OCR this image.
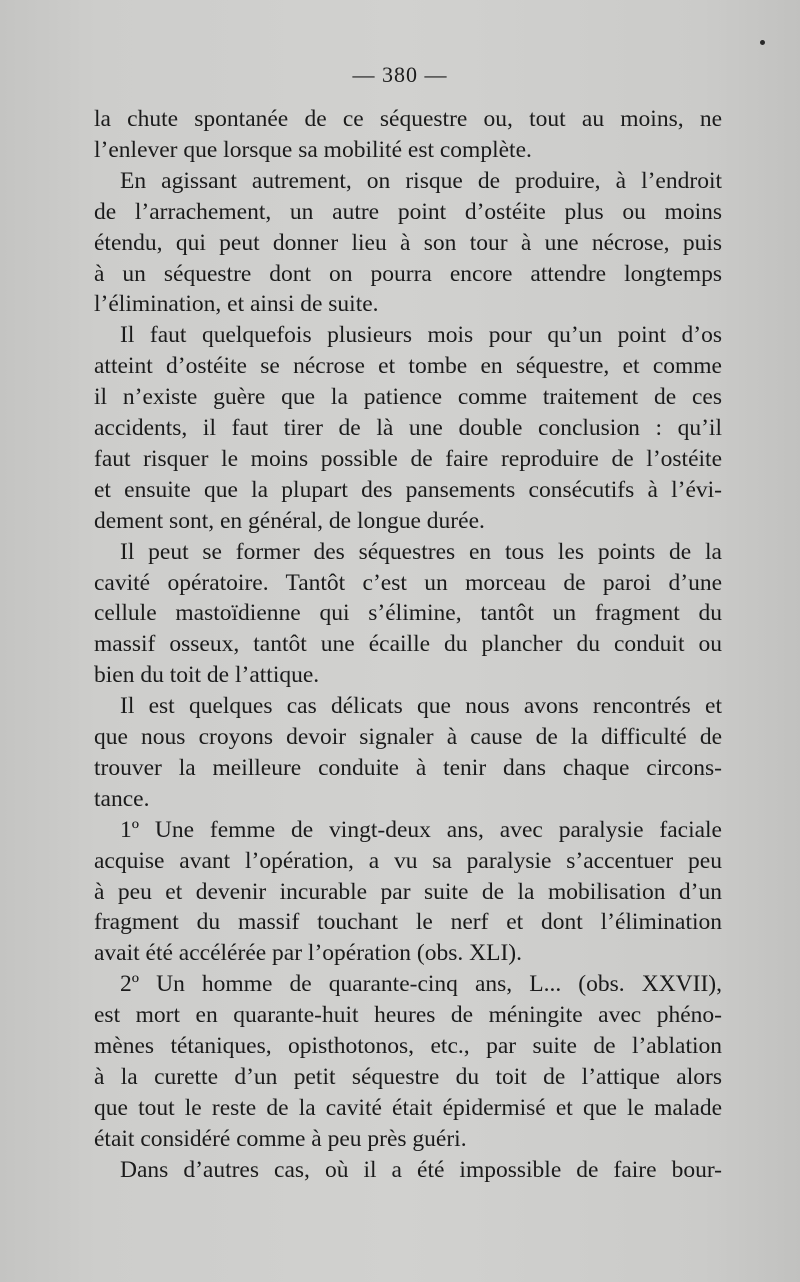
— 380 —
la chute spontanée de ce séquestre ou, tout au moins, ne
l’enlever que lorsque sa mobilité est complète.
En agissant autrement, on risque de produire, à l’endroit
de l’arrachement, un autre point d’ostéite plus ou moins
étendu, qui peut donner lieu à son tour à une nécrose, puis
à un séquestre dont on pourra encore attendre longtemps
l’élimination, et ainsi de suite.
Il faut quelquefois plusieurs mois pour qu’un point d’os
atteint d’ostéite se nécrose et tombe en séquestre, et comme
il n’existe guère que la patience comme traitement de ces
accidents, il faut tirer de là une double conclusion : qu’il
faut risquer le moins possible de faire reproduire de l’ostéite
et ensuite que la plupart des pansements consécutifs à l’évi-
dement sont, en général, de longue durée.
Il peut se former des séquestres en tous les points de la
cavité opératoire. Tantôt c’est un morceau de paroi d’une
cellule mastoïdienne qui s’élimine, tantôt un fragment du
massif osseux, tantôt une écaille du plancher du conduit ou
bien du toit de l’attique.
Il est quelques cas délicats que nous avons rencontrés et
que nous croyons devoir signaler à cause de la difficulté de
trouver la meilleure conduite à tenir dans chaque circons-
tance.
1º Une femme de vingt-deux ans, avec paralysie faciale
acquise avant l’opération, a vu sa paralysie s’accentuer peu
à peu et devenir incurable par suite de la mobilisation d’un
fragment du massif touchant le nerf et dont l’élimination
avait été accélérée par l’opération (obs. XLI).
2º Un homme de quarante-cinq ans, L... (obs. XXVII),
est mort en quarante-huit heures de méningite avec phéno-
mènes tétaniques, opisthotonos, etc., par suite de l’ablation
à la curette d’un petit séquestre du toit de l’attique alors
que tout le reste de la cavité était épidermisé et que le malade
était considéré comme à peu près guéri.
Dans d’autres cas, où il a été impossible de faire bour-
